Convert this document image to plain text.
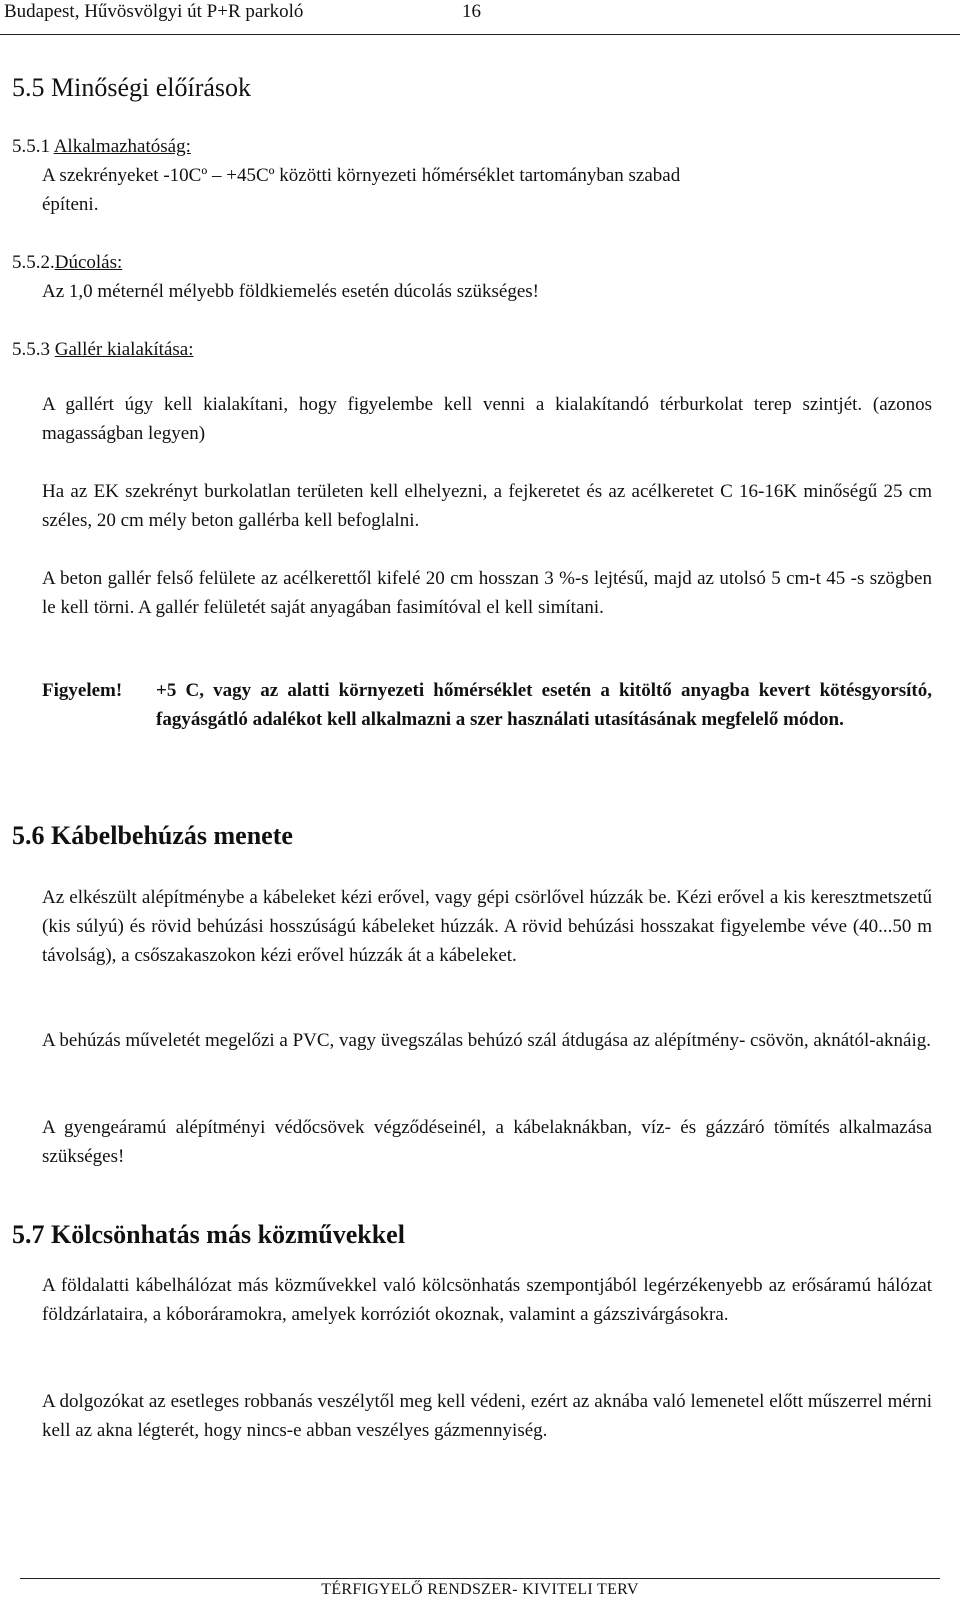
Budapest, Hűvösvölgyi út P+R parkoló	16
5.5 Minőségi előírások
5.5.1 Alkalmazhatóság:
A szekrényeket -10Cº – +45Cº közötti környezeti hőmérséklet tartományban szabad
építeni.
5.5.2.Dúcolás:
Az 1,0 méternél mélyebb földkiemelés esetén dúcolás szükséges!
5.5.3 Gallér kialakítása:
A gallért úgy kell kialakítani, hogy figyelembe kell venni a kialakítandó térburkolat terep szintjét. (azonos magasságban legyen)
Ha az EK szekrényt burkolatlan területen kell elhelyezni, a fejkeretet és az acélkeretet C 16-16K minőségű 25 cm széles, 20 cm mély beton gallérba kell befoglalni.
A beton gallér felső felülete az acélkerettől kifelé 20 cm hosszan 3 %-s lejtésű, majd az utolsó 5 cm-t 45 -s szögben le kell törni. A gallér felületét saját anyagában fasimítóval el kell simítani.
Figyelem! +5 C, vagy az alatti környezeti hőmérséklet esetén a kitöltő anyagba kevert kötésgyorsító, fagyásgátló adalékot kell alkalmazni a szer használati utasításának megfelelő módon.
5.6 Kábelbehúzás menete
Az elkészült alépítménybe a kábeleket kézi erővel, vagy gépi csörlővel húzzák be. Kézi erővel a kis keresztmetszetű (kis súlyú) és rövid behúzási hosszúságú kábeleket húzzák. A rövid behúzási hosszakat figyelembe véve (40...50 m távolság), a csőszakaszokon kézi erővel húzzák át a kábeleket.
A behúzás műveletét megelőzi a PVC, vagy üvegszálas behúzó szál átdugása az alépítmény- csövön, aknától-aknáig.
A gyengeáramú alépítményi védőcsövek végződéseinél, a kábelaknákban, víz- és gázzáró tömítés alkalmazása szükséges!
5.7 Kölcsönhatás más közművekkel
A földalatti kábelhálózat más közművekkel való kölcsönhatás szempontjából legérzékenyebb az erősáramú hálózat földzárlataira, a kóboráramokra, amelyek korróziót okoznak, valamint a gázszivárgásokra.
A dolgozókat az esetleges robbanás veszélytől meg kell védeni, ezért az aknába való lemenetel előtt műszerrel mérni kell az akna légterét, hogy nincs-e abban veszélyes gázmennyiség.
TÉRFIGYELŐ RENDSZER- KIVITELI TERV
